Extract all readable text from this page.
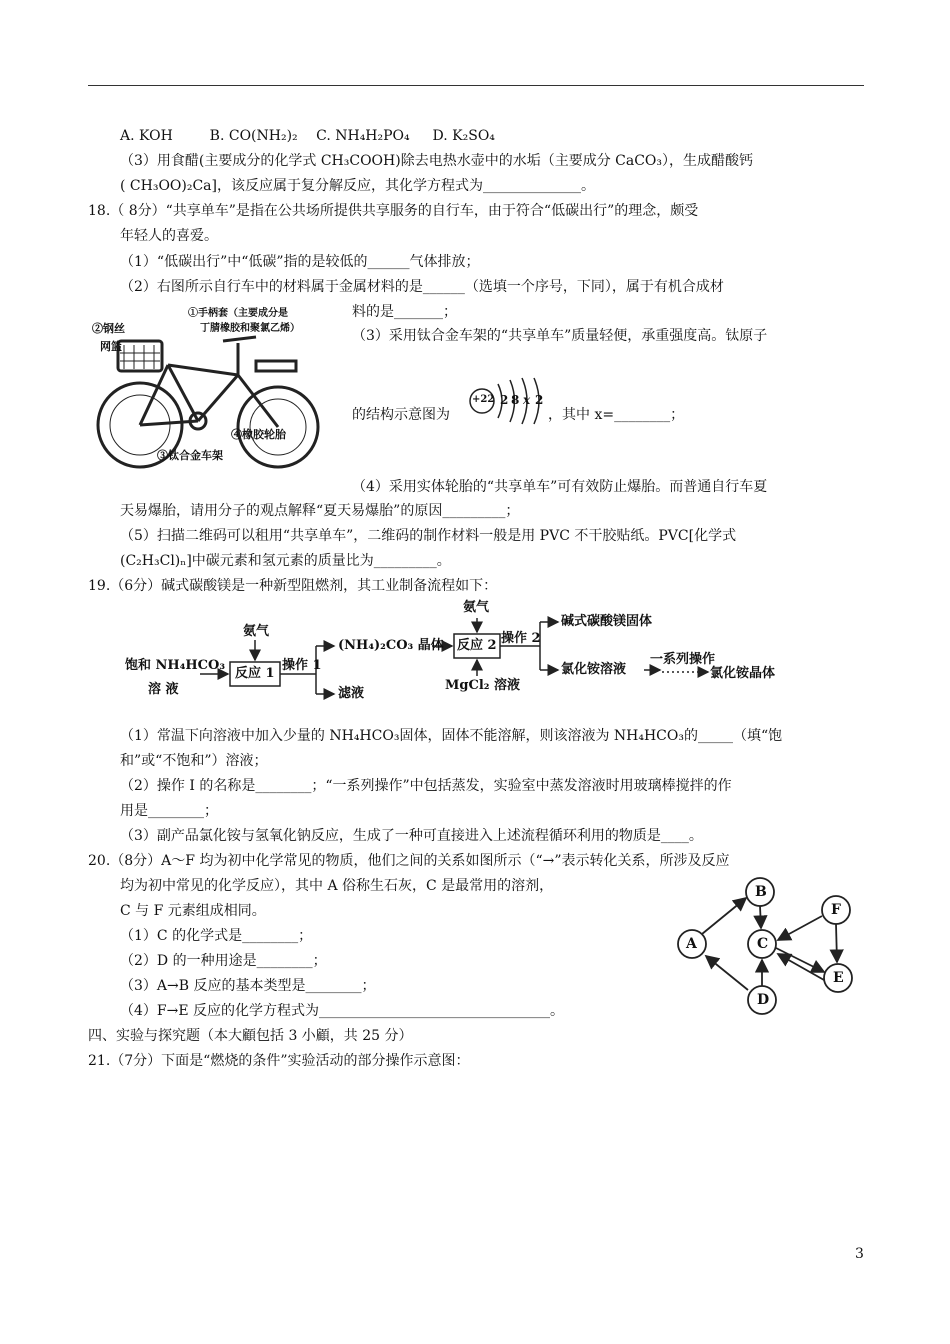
A. KOH 　　 B. CO(NH₂)₂ 　C. NH₄H₂PO₄ 　 D. K₂SO₄
（3）用食醋(主要成分的化学式 CH₃COOH)除去电热水壶中的水垢（主要成分 CaCO₃），生成醋酸钙
( CH₃OO)₂Ca]，该反应属于复分解反应，其化学方程式为______________。
18.（ 8分）“共享单车”是指在公共场所提供共享服务的自行车，由于符合“低碳出行”的理念，颇受
年轻人的喜爱。
（1）“低碳出行”中“低碳”指的是较低的______气体排放；
（2）右图所示自行车中的材料属于金属材料的是______（选填一个序号，下同），属于有机合成材
料的是_______；
（3）采用钛合金车架的“共享单车”质量轻便，承重强度高。钛原子
的结构示意图为	，其中 x=________；
（4）采用实体轮胎的“共享单车”可有效防止爆胎。而普通自行车夏
天易爆胎，请用分子的观点解释“夏天易爆胎”的原因_________；
（5）扫描二维码可以租用“共享单车”，二维码的制作材料一般是用 PVC 不干胶贴纸。PVC[化学式
(C₂H₃Cl)ₙ]中碳元素和氢元素的质量比为_________。
19.（6分）碱式碳酸镁是一种新型阻燃剂，其工业制备流程如下：
（1）常温下向溶液中加入少量的 NH₄HCO₃固体，固体不能溶解，则该溶液为 NH₄HCO₃的_____（填“饱
和”或“不饱和”）溶液；
（2）操作 I 的名称是________；“一系列操作”中包括蒸发，实验室中蒸发溶液时用玻璃棒搅拌的作
用是________；
（3）副产品氯化铵与氢氧化钠反应，生成了一种可直接进入上述流程循环利用的物质是____。
20.（8分）A～F 均为初中化学常见的物质，他们之间的关系如图所示（“→”表示转化关系，所涉及反应
均为初中常见的化学反应），其中 A 俗称生石灰，C 是最常用的溶剂，
C 与 F 元素组成相同。
（1）C 的化学式是________；
（2）D 的一种用途是________；
（3）A→B 反应的基本类型是________；
（4）F→E 反应的化学方程式为_________________________________。
四、实验与探究题（本大顧包括 3 小顧，共 25 分）
21.（7分）下面是“燃烧的条件”实验活动的部分操作示意图：
①手柄套（主要成分是
丁腈橡胶和聚氯乙烯）
②钢丝
网篮
④橡胶轮胎
③钛合金车架
+22 2 8 x 2
饱和 NH₄HCO₃
溶 液
氨气
反应 1
操作 1
(NH₄)₂CO₃ 晶体
滤液
氨气
反应 2
MgCl₂ 溶液
操作 2
碱式碳酸镁固体
氯化铵溶液
一系列操作
氯化铵晶体
A
B
C
D
E
F
3
